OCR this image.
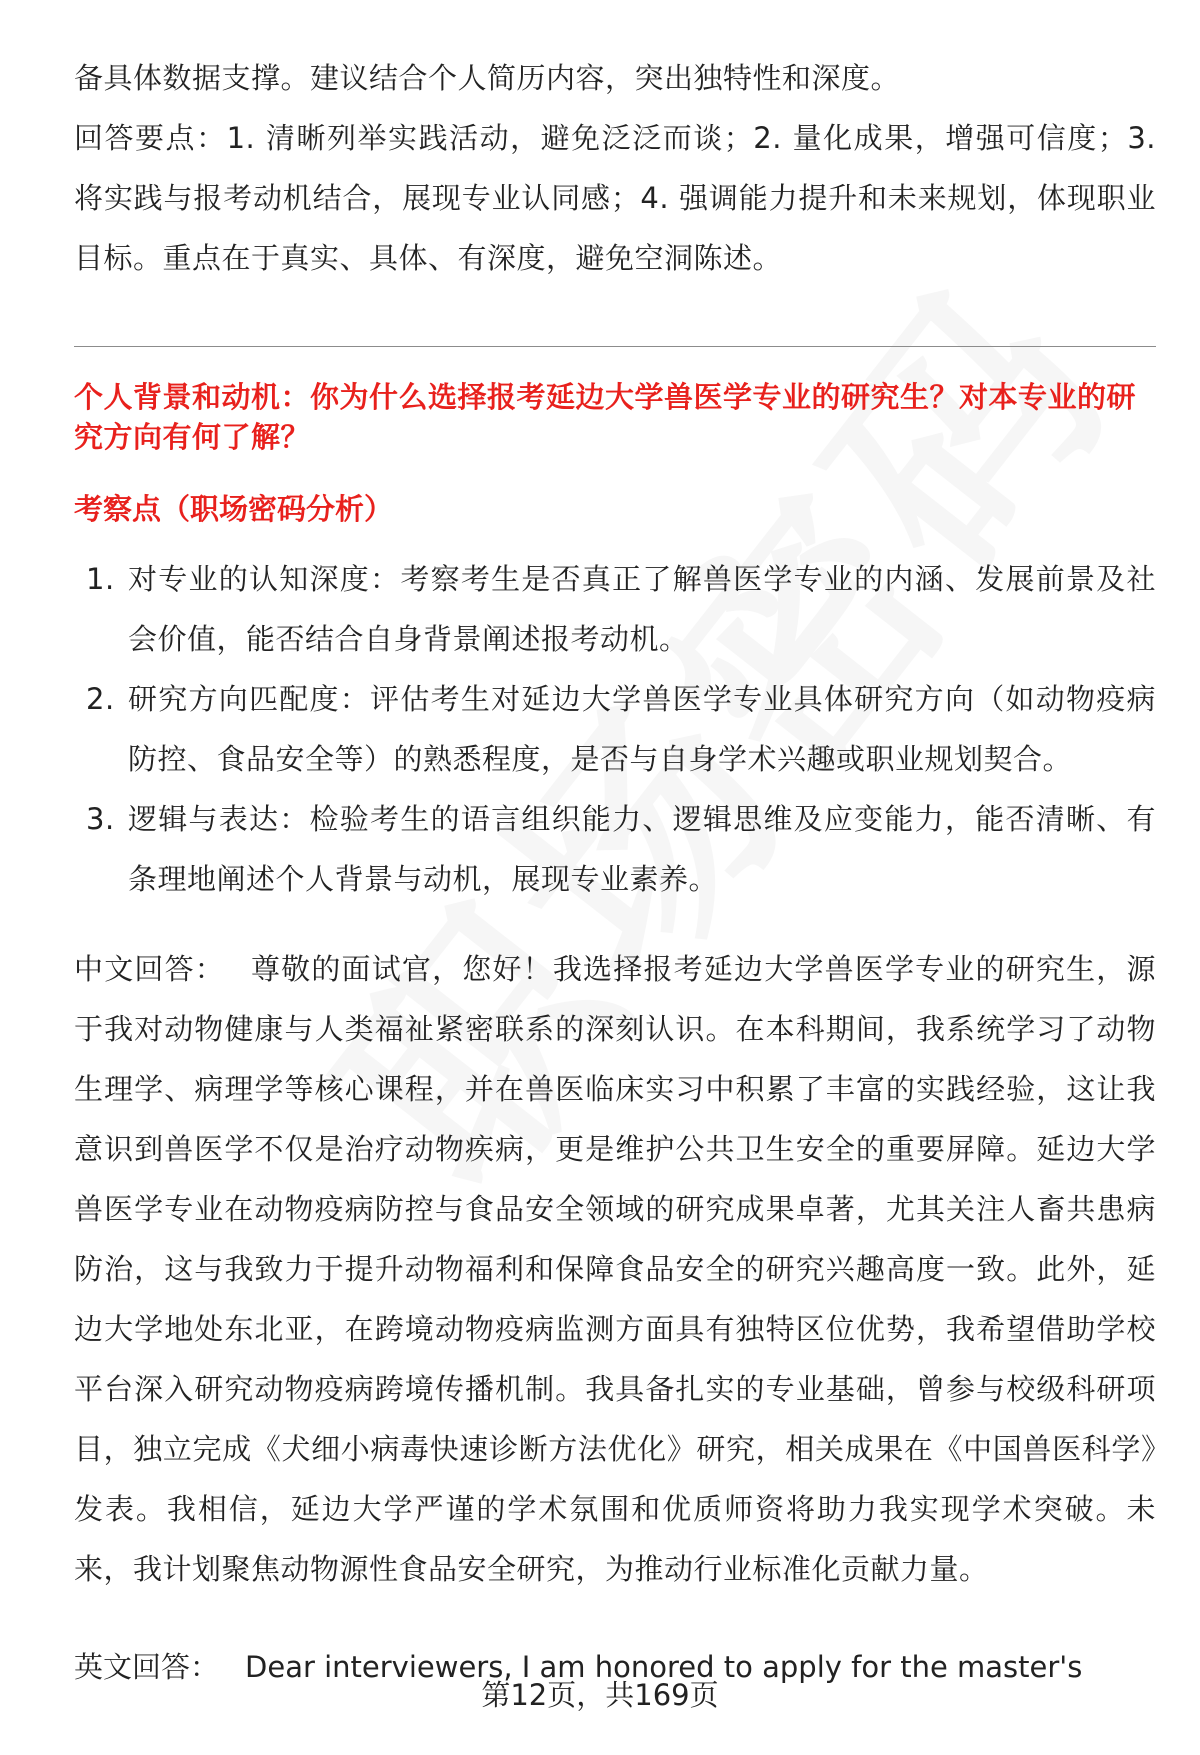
备具体数据支撑。建议结合个人简历内容，突出独特性和深度。

回答要点：1. 清晰列举实践活动，避免泛泛而谈；2. 量化成果，增强可信度；3. 将实践与报考动机结合，展现专业认同感；4. 强调能力提升和未来规划，体现职业目标。重点在于真实、具体、有深度，避免空洞陈述。

个人背景和动机：你为什么选择报考延边大学兽医学专业的研究生？对本专业的研究方向有何了解？

考察点（职场密码分析）

1. 对专业的认知深度：考察考生是否真正了解兽医学专业的内涵、发展前景及社会价值，能否结合自身背景阐述报考动机。
2. 研究方向匹配度：评估考生对延边大学兽医学专业具体研究方向（如动物疫病防控、食品安全等）的熟悉程度，是否与自身学术兴趣或职业规划契合。
3. 逻辑与表达：检验考生的语言组织能力、逻辑思维及应变能力，能否清晰、有条理地阐述个人背景与动机，展现专业素养。

中文回答： 尊敬的面试官，您好！我选择报考延边大学兽医学专业的研究生，源于我对动物健康与人类福祉紧密联系的深刻认识。在本科期间，我系统学习了动物生理学、病理学等核心课程，并在兽医临床实习中积累了丰富的实践经验，这让我意识到兽医学不仅是治疗动物疾病，更是维护公共卫生安全的重要屏障。延边大学兽医学专业在动物疫病防控与食品安全领域的研究成果卓著，尤其关注人畜共患病防治，这与我致力于提升动物福利和保障食品安全的研究兴趣高度一致。此外，延边大学地处东北亚，在跨境动物疫病监测方面具有独特区位优势，我希望借助学校平台深入研究动物疫病跨境传播机制。我具备扎实的专业基础，曾参与校级科研项目，独立完成《犬细小病毒快速诊断方法优化》研究，相关成果在《中国兽医科学》发表。我相信，延边大学严谨的学术氛围和优质师资将助力我实现学术突破。未来，我计划聚焦动物源性食品安全研究，为推动行业标准化贡献力量。

英文回答： Dear interviewers, I am honored to apply for the master's

第12页，共169页
